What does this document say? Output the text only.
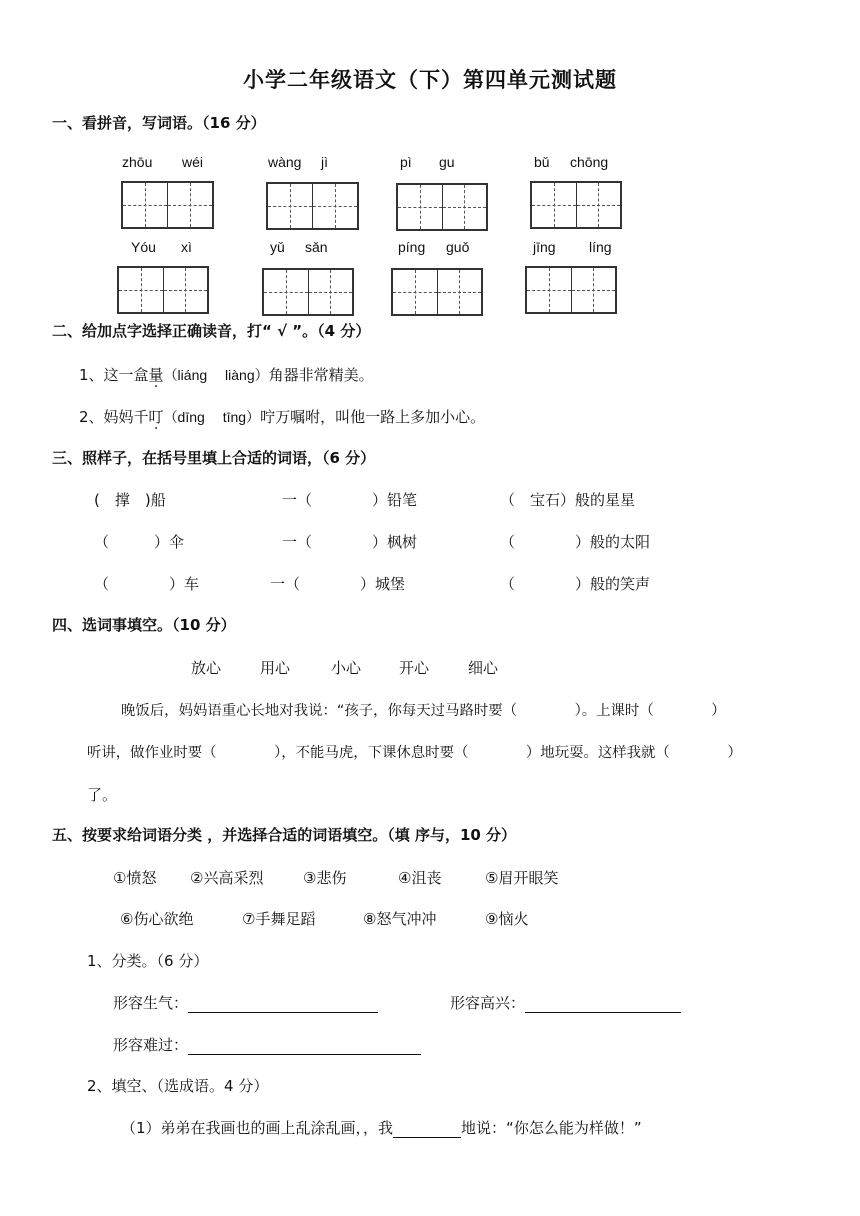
小学二年级语文（下）第四单元测试题
一、看拼音，写词语。（16 分）
zhōu wéi	wàng jì	pì gu	bǔ chōng
Yóu xì	yǔ sǎn	píng guǒ	jīng líng
二、给加点字选择正确读音，打“ √ ”。（4 分）
1、这一盒量（liáng　 liàng）角器非常精美。
2、妈妈千叮（dīng　 tīng）咛万嘱咐，叫他一路上多加小心。
三、照样子，在括号里填上合适的词语，（6 分）
(　撑　)船	一（　　　　）铅笔	（　宝石）般的星星
（　　　）伞	一（　　　　）枫树	（　　　　）般的太阳
（　　　　）车	一（　　　　）城堡	（　　　　）般的笑声
四、选词事填空。（10 分）
放心	用心	小心	开心	细心
晚饭后，妈妈语重心长地对我说：“孩子，你每天过马路时要（　　　　）。上课时（　　　　）
听讲，做作业时要（　　　　），不能马虎，下课休息时要（　　　　）地玩耍。这样我就（　　　　）
了。
五、按要求给词语分类 ，并选择合适的词语填空。（填 序与，10 分）
①愤怒 ②兴高采烈	③悲伤	④沮丧	⑤眉开眼笑
⑥伤心欲绝	⑦手舞足蹈	⑧怒气冲冲	⑨恼火
1、分类。（6 分）
形容生气：	形容高兴：
形容难过：
2、填空、（选成语。4 分）
（1）弟弟在我画也的画上乱涂乱画，，我	地说：“你怎么能为样做！”
